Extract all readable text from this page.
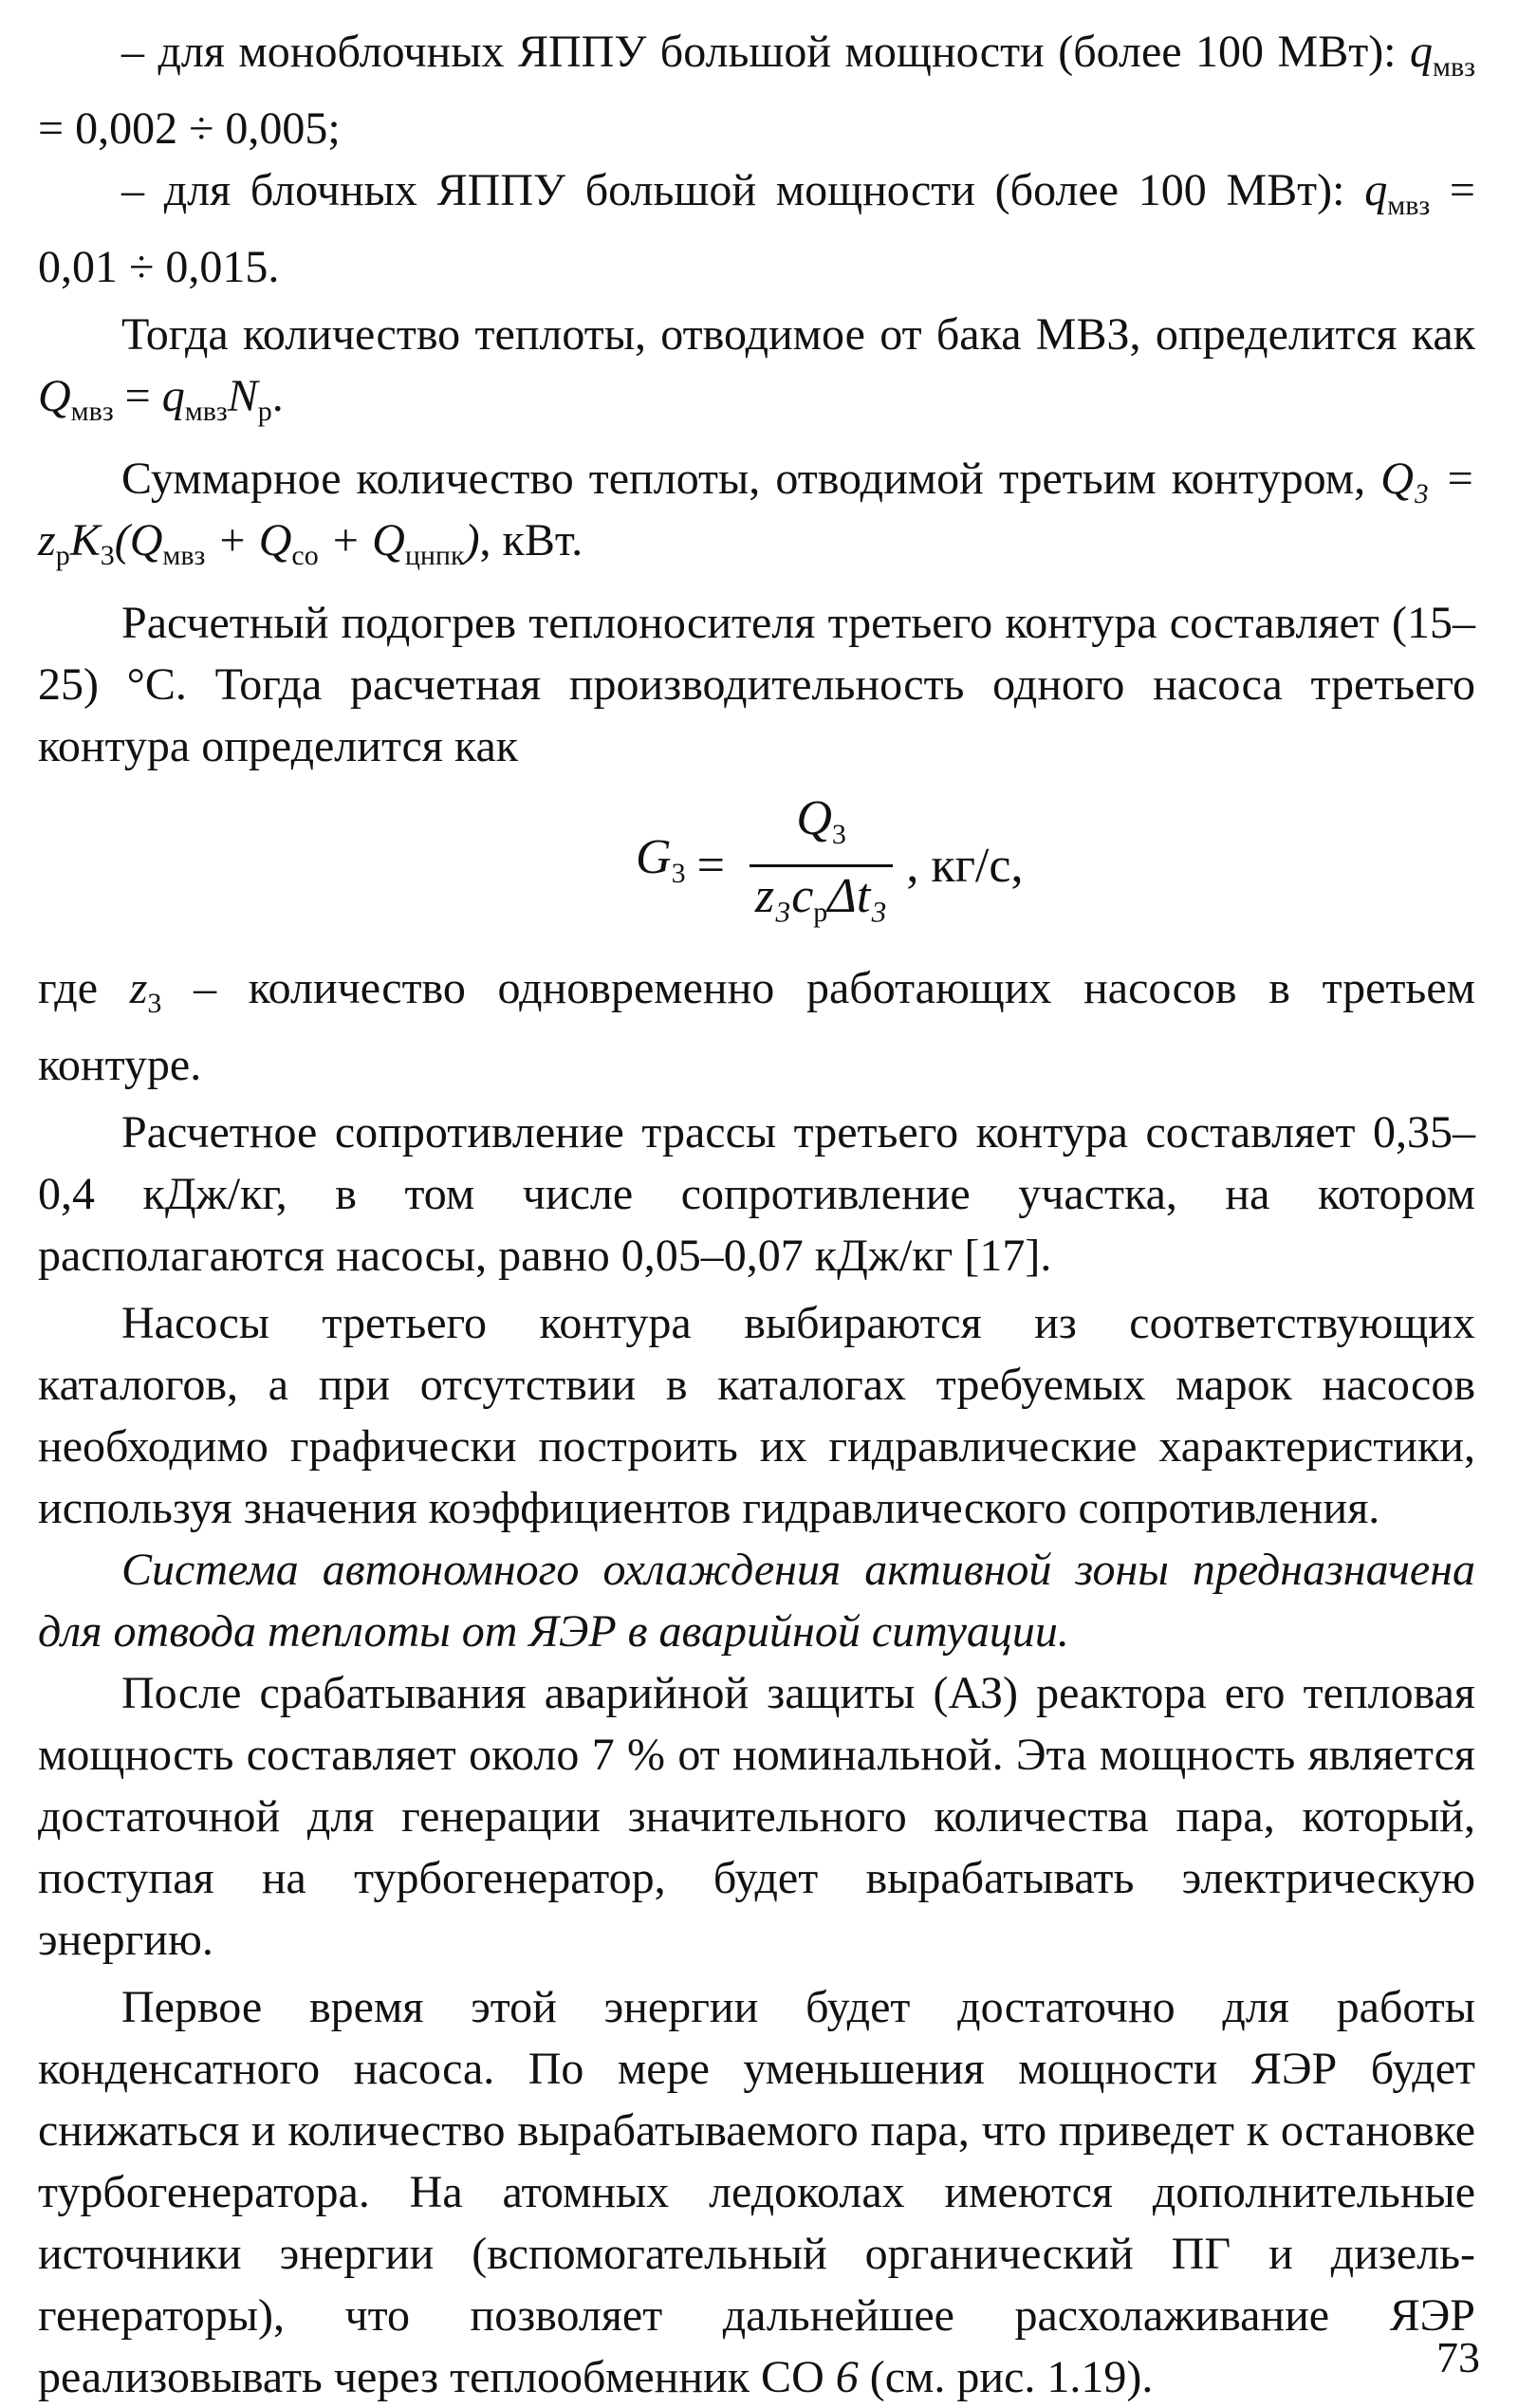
– для моноблочных ЯППУ большой мощности (более 100 МВт): $q_{мвз} = 0,002 \div 0,005$;

– для блочных ЯППУ большой мощности (более 100 МВт): $q_{мвз} = 0,01 \div 0,015$.

Тогда количество теплоты, отводимое от бака МВЗ, определится как $Q_{мвз} = q_{мвз}N_р$.

Суммарное количество теплоты, отводимой третьим контуром, $Q_3 = z_рK_3(Q_{мвз} + Q_{со} + Q_{цнпк})$, кВт.

Расчетный подогрев теплоносителя третьего контура составляет (15–25) °С. Тогда расчетная производительность одного насоса третьего контура определится как

$G_3 = \frac{Q_3}{z_3c_p\Delta t_3}$ , кг/с,

где $z_3$ – количество одновременно работающих насосов в третьем контуре.

Расчетное сопротивление трассы третьего контура составляет 0,35–0,4 кДж/кг, в том числе сопротивление участка, на котором располагаются насосы, равно 0,05–0,07 кДж/кг [17].

Насосы третьего контура выбираются из соответствующих каталогов, а при отсутствии в каталогах требуемых марок насосов необходимо графически построить их гидравлические характеристики, используя значения коэффициентов гидравлического сопротивления.

Система автономного охлаждения активной зоны предназначена для отвода теплоты от ЯЭР в аварийной ситуации.

После срабатывания аварийной защиты (АЗ) реактора его тепловая мощность составляет около 7 % от номинальной. Эта мощность является достаточной для генерации значительного количества пара, который, поступая на турбогенератор, будет вырабатывать электрическую энергию.

Первое время этой энергии будет достаточно для работы конденсатного насоса. По мере уменьшения мощности ЯЭР будет снижаться и количество вырабатываемого пара, что приведет к остановке турбогенератора. На атомных ледоколах имеются дополнительные источники энергии (вспомогательный органический ПГ и дизель-генераторы), что позволяет дальнейшее расхолаживание ЯЭР реализовывать через теплообменник СО 6 (см. рис. 1.19).	73
